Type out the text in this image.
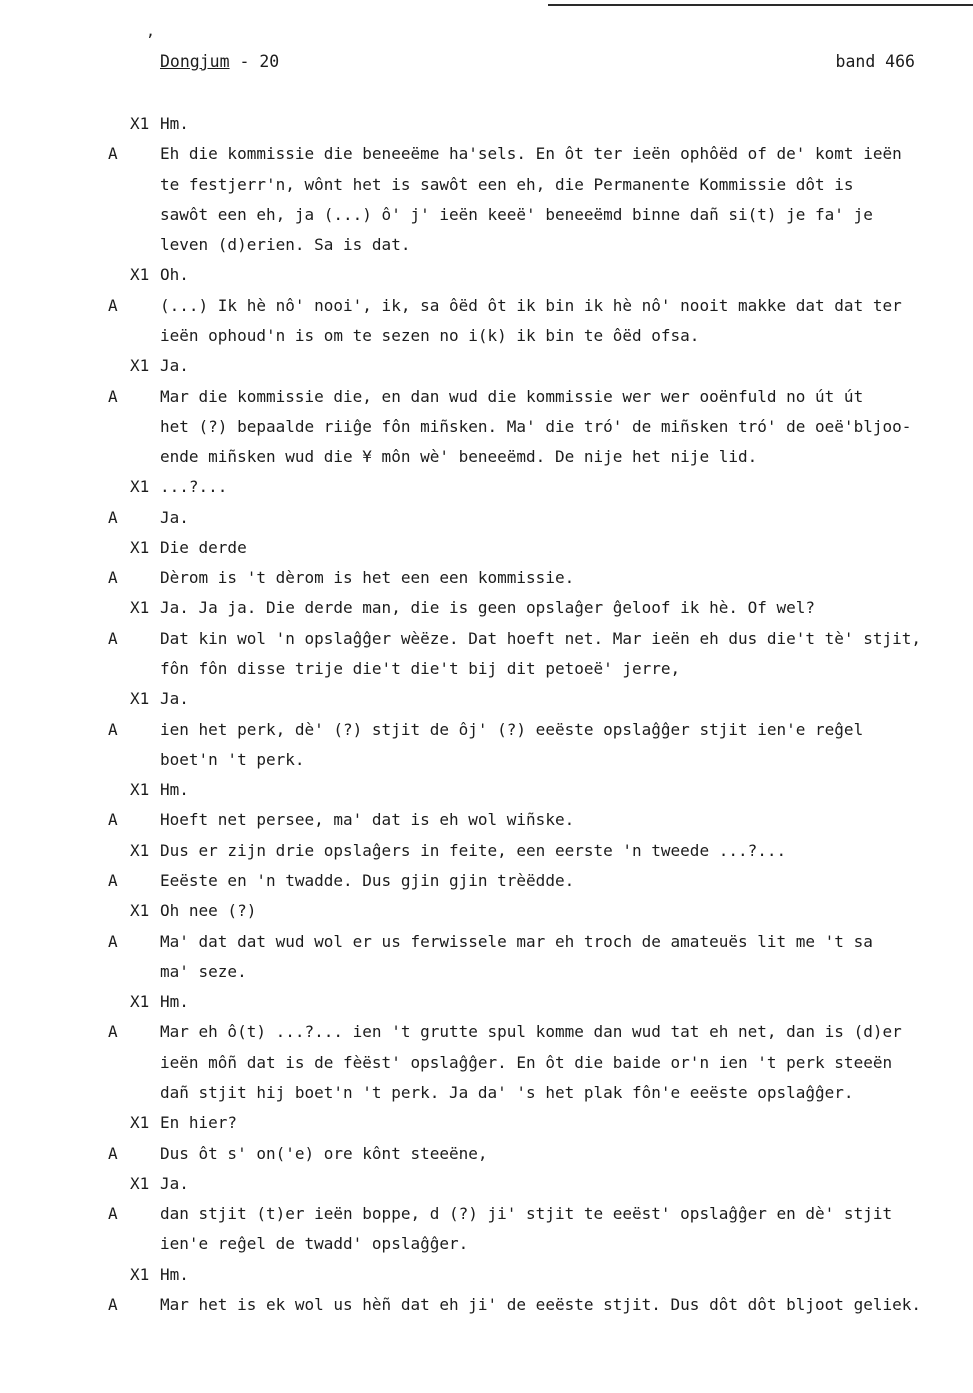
,
Dongjum - 20	band 466
X1 Hm.
A	Eh die kommissie die beneeëme ha'sels. En ôt ter ieën ophôëd of de' komt ieën
te festjerr'n, wônt het is sawôt een eh, die Permanente Kommissie dôt is
sawôt een eh, ja (...) ô' j' ieën keeë' beneeëmd binne dañ si(t) je fa' je
leven (d)erien. Sa is dat.
X1 Oh.
A	(...) Ik hè nô' nooi', ik, sa ôëd ôt ik bin ik hè nô' nooit makke dat dat ter
ieën ophoud'n is om te sezen no i(k) ik bin te ôëd ofsa.
X1 Ja.
A	Mar die kommissie die, en dan wud die kommissie wer wer ooënfuld no út út
het (?) bepaalde riiĝe fôn miñsken. Ma' die tró' de miñsken tró' de oeë'bljoo-
ende miñsken wud die ¥ môn wè' beneeëmd. De nije het nije lid.
X1 ...?...
A	Ja.
X1 Die derde
A	Dèrom is 't dèrom is het een een kommissie.
X1 Ja. Ja ja. Die derde man, die is geen opslaĝer ĝeloof ik hè. Of wel?
A	Dat kin wol 'n opslaĝĝer wèëze. Dat hoeft net. Mar ieën eh dus die't tè' stjit,
fôn fôn disse trije die't die't bij dit petoeë' jerre,
X1 Ja.
A	ien het perk, dè' (?) stjit de ôj' (?) eeëste opslaĝĝer stjit ien'e reĝel
boet'n 't perk.
X1 Hm.
A	Hoeft net persee, ma' dat is eh wol wiñske.
X1 Dus er zijn drie opslaĝers in feite, een eerste 'n tweede ...?...
A	Eeëste en 'n twadde. Dus gjin gjin trèëdde.
X1 Oh nee (?)
A	Ma' dat dat wud wol er us ferwisselе mar eh troch de amateuës lit me 't sa
ma' seze.
X1 Hm.
A	Mar eh ô(t) ...?... ien 't grutte spul komme dan wud tat eh net, dan is (d)er
ieën môñ dat is de fèëst' opslaĝĝer. En ôt die baide or'n ien 't perk steeën
dañ stjit hij boet'n 't perk. Ja da' 's het plak fôn'e eeëste opslaĝĝer.
X1 En hier?
A	Dus ôt s' on('e) ore kônt steeëne,
X1 Ja.
A	dan stjit (t)er ieën boppe, d (?) ji' stjit te eeëst' opslaĝĝer en dè' stjit
ien'e reĝel de twadd' opslaĝĝer.
X1 Hm.
A	Mar het is ek wol us hèñ dat eh ji' de eeëste stjit. Dus dôt dôt bljoot geliek.
